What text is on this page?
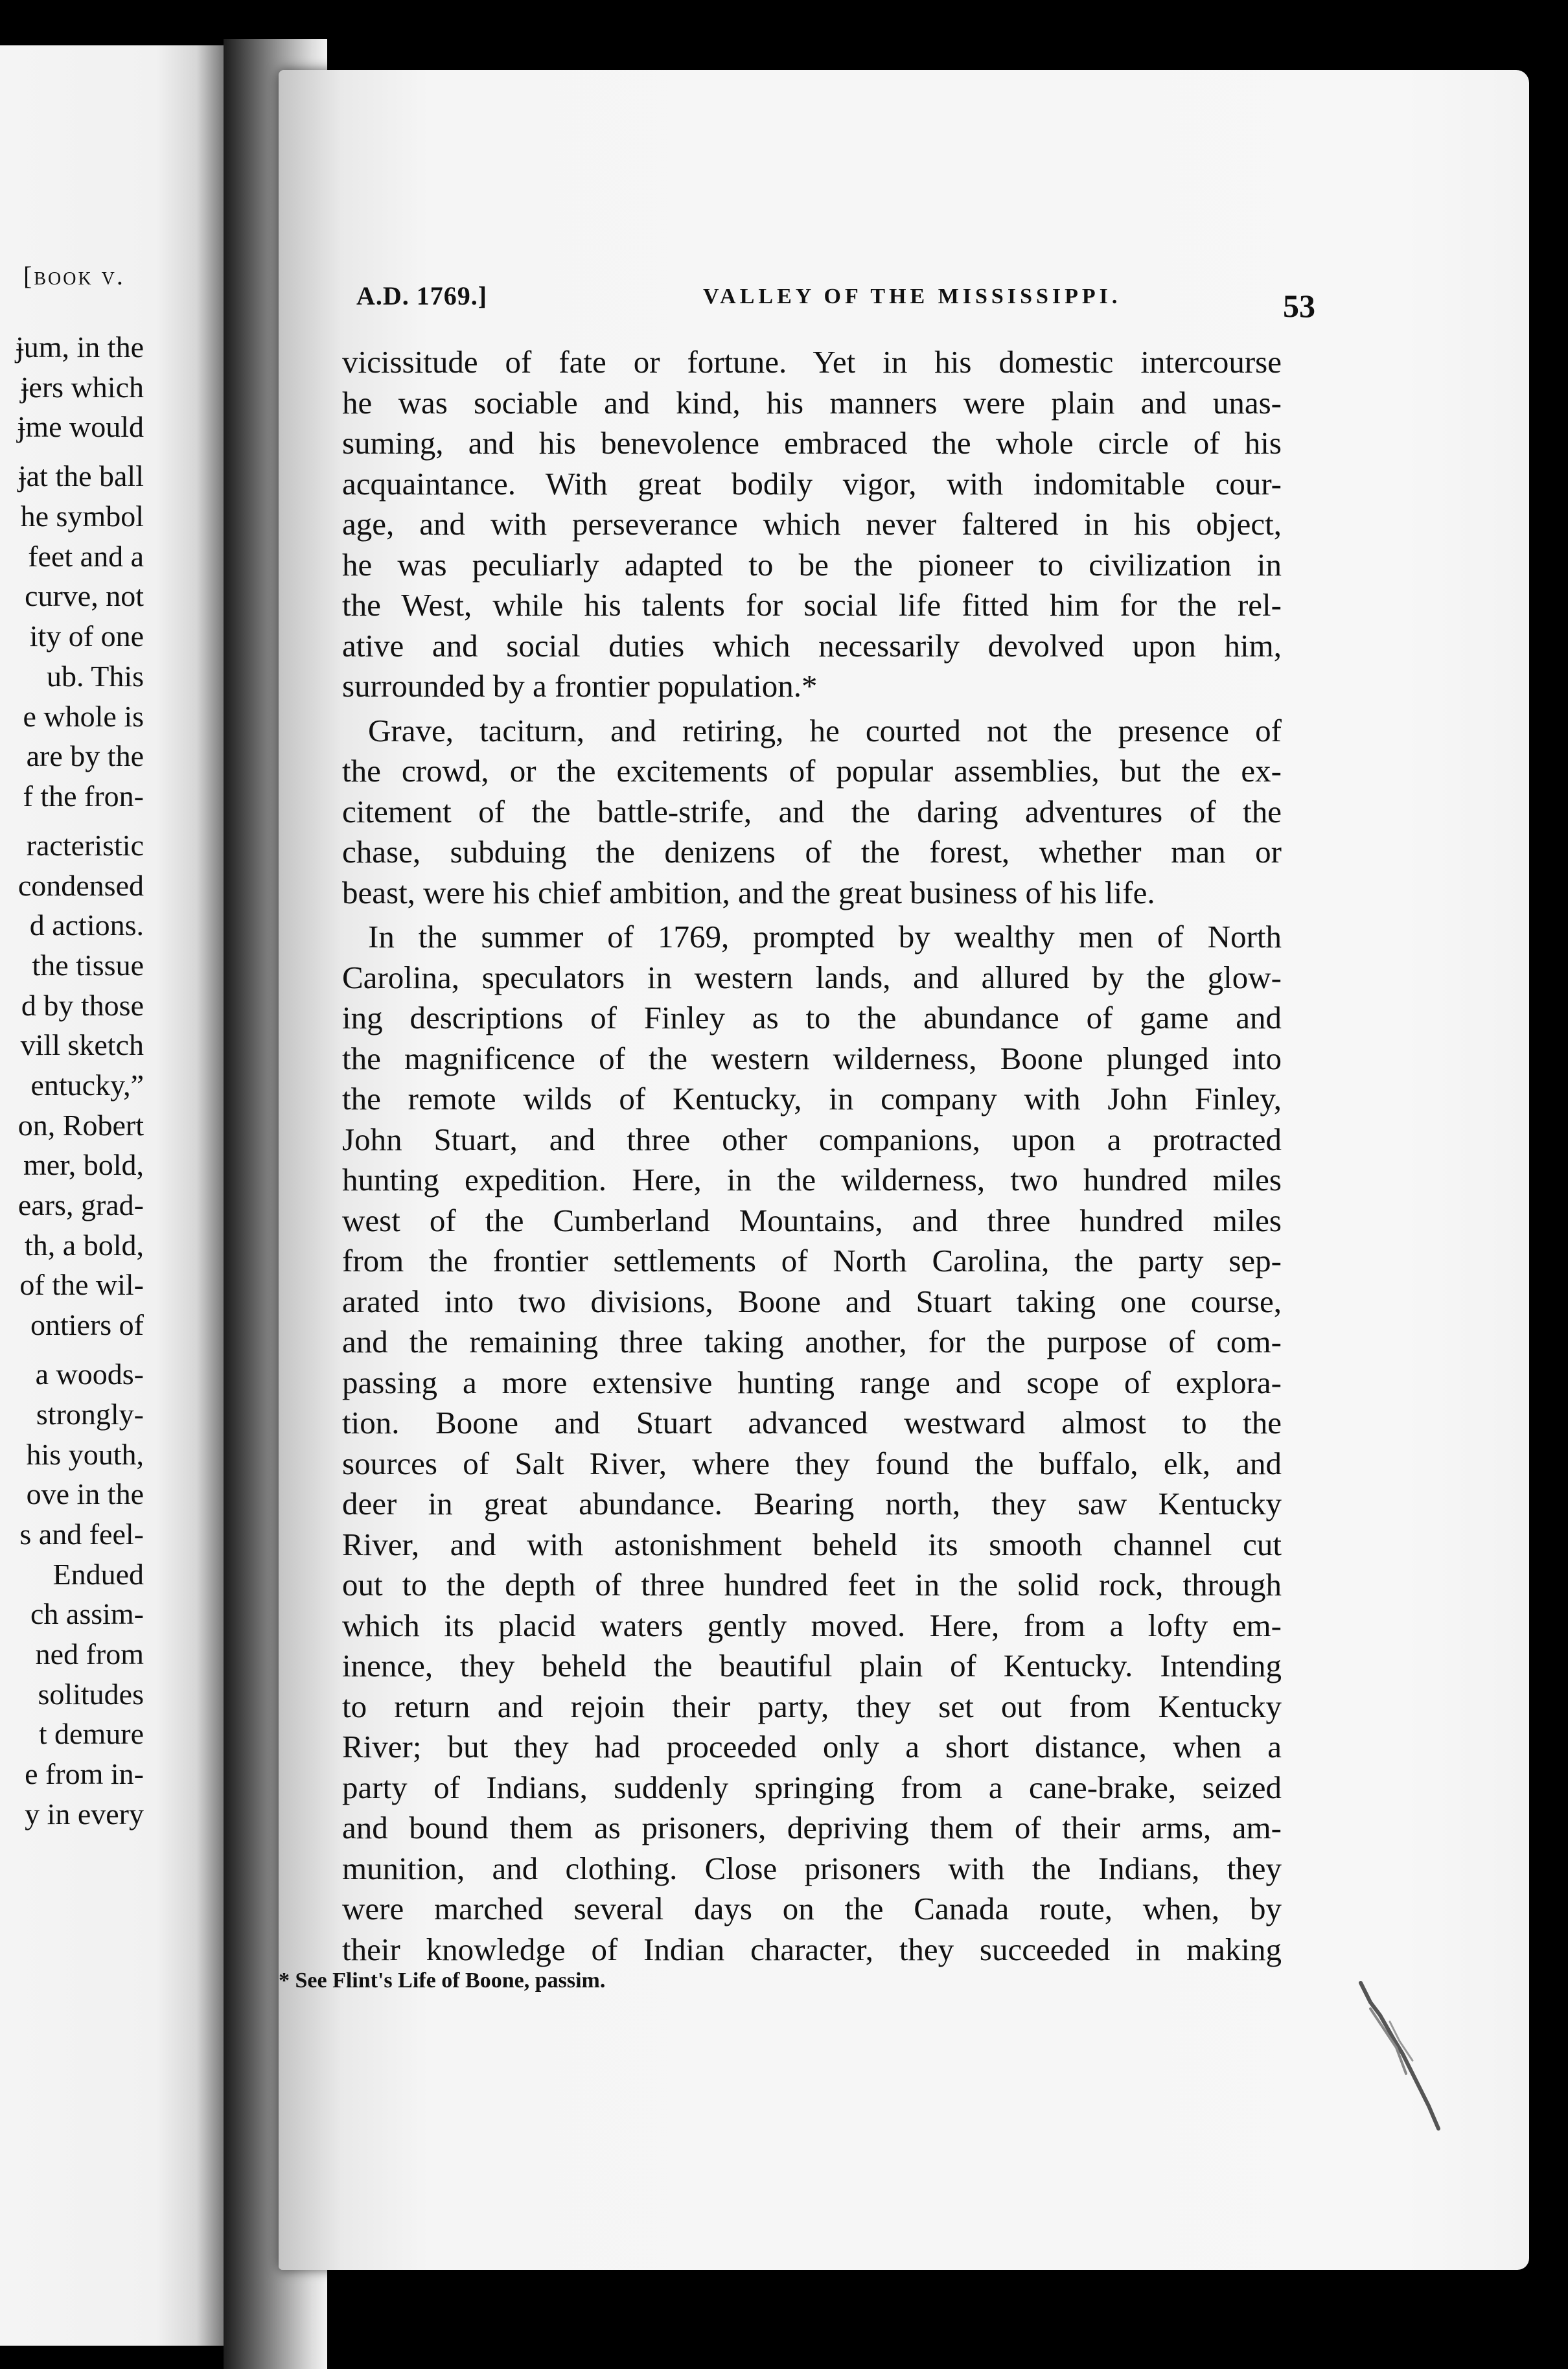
[book v.
ɉum, in the
ɉers which
ɉme would
ɉat the ball
he symbol
feet and a
curve, not
ity of one
ub. This
e whole is
are by the
f the fron-
racteristic
condensed
d actions.
the tissue
d by those
vill sketch
entucky,”
on, Robert
mer, bold,
ears, grad-
th, a bold,
of the wil-
ontiers of
a woods-
strongly-
his youth,
ove in the
s and feel-
Endued
ch assim-
ned from
solitudes
t demure
e from in-
y in every
A.D. 1769.]	VALLEY OF THE MISSISSIPPI.	53
vicissitude of fate or fortune. Yet in his domestic intercourse
he was sociable and kind, his manners were plain and unas-
suming, and his benevolence embraced the whole circle of his
acquaintance. With great bodily vigor, with indomitable cour-
age, and with perseverance which never faltered in his object,
he was peculiarly adapted to be the pioneer to civilization in
the West, while his talents for social life fitted him for the rel-
ative and social duties which necessarily devolved upon him,
surrounded by a frontier population.*
Grave, taciturn, and retiring, he courted not the presence of
the crowd, or the excitements of popular assemblies, but the ex-
citement of the battle-strife, and the daring adventures of the
chase, subduing the denizens of the forest, whether man or
beast, were his chief ambition, and the great business of his life.
In the summer of 1769, prompted by wealthy men of North
Carolina, speculators in western lands, and allured by the glow-
ing descriptions of Finley as to the abundance of game and
the magnificence of the western wilderness, Boone plunged into
the remote wilds of Kentucky, in company with John Finley,
John Stuart, and three other companions, upon a protracted
hunting expedition. Here, in the wilderness, two hundred miles
west of the Cumberland Mountains, and three hundred miles
from the frontier settlements of North Carolina, the party sep-
arated into two divisions, Boone and Stuart taking one course,
and the remaining three taking another, for the purpose of com-
passing a more extensive hunting range and scope of explora-
tion. Boone and Stuart advanced westward almost to the
sources of Salt River, where they found the buffalo, elk, and
deer in great abundance. Bearing north, they saw Kentucky
River, and with astonishment beheld its smooth channel cut
out to the depth of three hundred feet in the solid rock, through
which its placid waters gently moved. Here, from a lofty em-
inence, they beheld the beautiful plain of Kentucky. Intending
to return and rejoin their party, they set out from Kentucky
River; but they had proceeded only a short distance, when a
party of Indians, suddenly springing from a cane-brake, seized
and bound them as prisoners, depriving them of their arms, am-
munition, and clothing. Close prisoners with the Indians, they
were marched several days on the Canada route, when, by
their knowledge of Indian character, they succeeded in making
* See Flint's Life of Boone, passim.
